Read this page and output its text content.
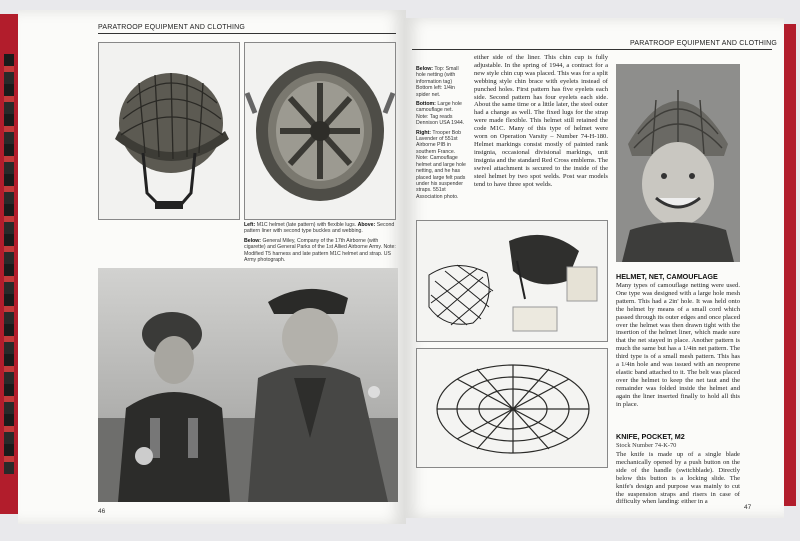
PARATROOP EQUIPMENT AND CLOTHING
Left: M1C helmet (late pattern) with flexible lugs. Above: Second pattern liner with second type buckles and webbing.
Below: General Miley, Company of the 17th Airborne (with cigarette) and General Parks of the 1st Allied Airborne Army. Note: Modified T5 harness and late pattern M1C helmet and strap. US Army photograph.
46
PARATROOP EQUIPMENT AND CLOTHING
Below: Top: Small hole netting (with information tag) Bottom left: 1/4in spider net.
Bottom: Large hole camouflage net. Note: Tag reads Dennison USA 1944.
Right: Trooper Bob Lavender of 551st Airborne PIB in southern France. Note: Camouflage helmet and large hole netting, and he has placed large felt pads under his suspender straps. 551st Association photo.
either side of the liner. This chin cup is fully adjustable. In the spring of 1944, a contract for a new style chin cup was placed. This was for a split webbing style chin brace with eyelets instead of punched holes. First pattern has five eyelets each side. Second pattern has four eyelets each side. About the same time or a little later, the steel outer had a change as well. The fixed lugs for the strap were made flexible. This helmet still retained the code M1C. Many of this type of helmet were worn on Operation Varsity – Number 74-H-180. Helmet markings consist mostly of painted rank insignia, occasional divisional markings, unit insignia and the standard Red Cross emblems. The swivel attachment is secured to the inside of the steel helmet by two spot welds. Post war models tend to have three spot welds.
HELMET, NET, CAMOUFLAGE
Many types of camouflage netting were used. One type was designed with a large hole mesh pattern. This had a 2in' hole. It was held onto the helmet by means of a small cord which passed through its outer edges and once placed over the helmet was then drawn tight with the insertion of the helmet liner, which made sure that the net stayed in place. Another pattern is much the same but has a 1/4in net pattern. The third type is of a small mesh pattern. This has a 1/4in hole and was issued with an neoprene elastic band attached to it. The belt was placed over the helmet to keep the net taut and the remainder was folded inside the helmet and again the liner inserted finally to hold all this in place.
KNIFE, POCKET, M2
Stock Number 74-K-70
The knife is made up of a single blade mechanically opened by a push button on the side of the handle (switchblade). Directly below this button is a locking slide. The knife's design and purpose was mainly to cut the suspension straps and risers in case of difficulty when landing: either in a
47
